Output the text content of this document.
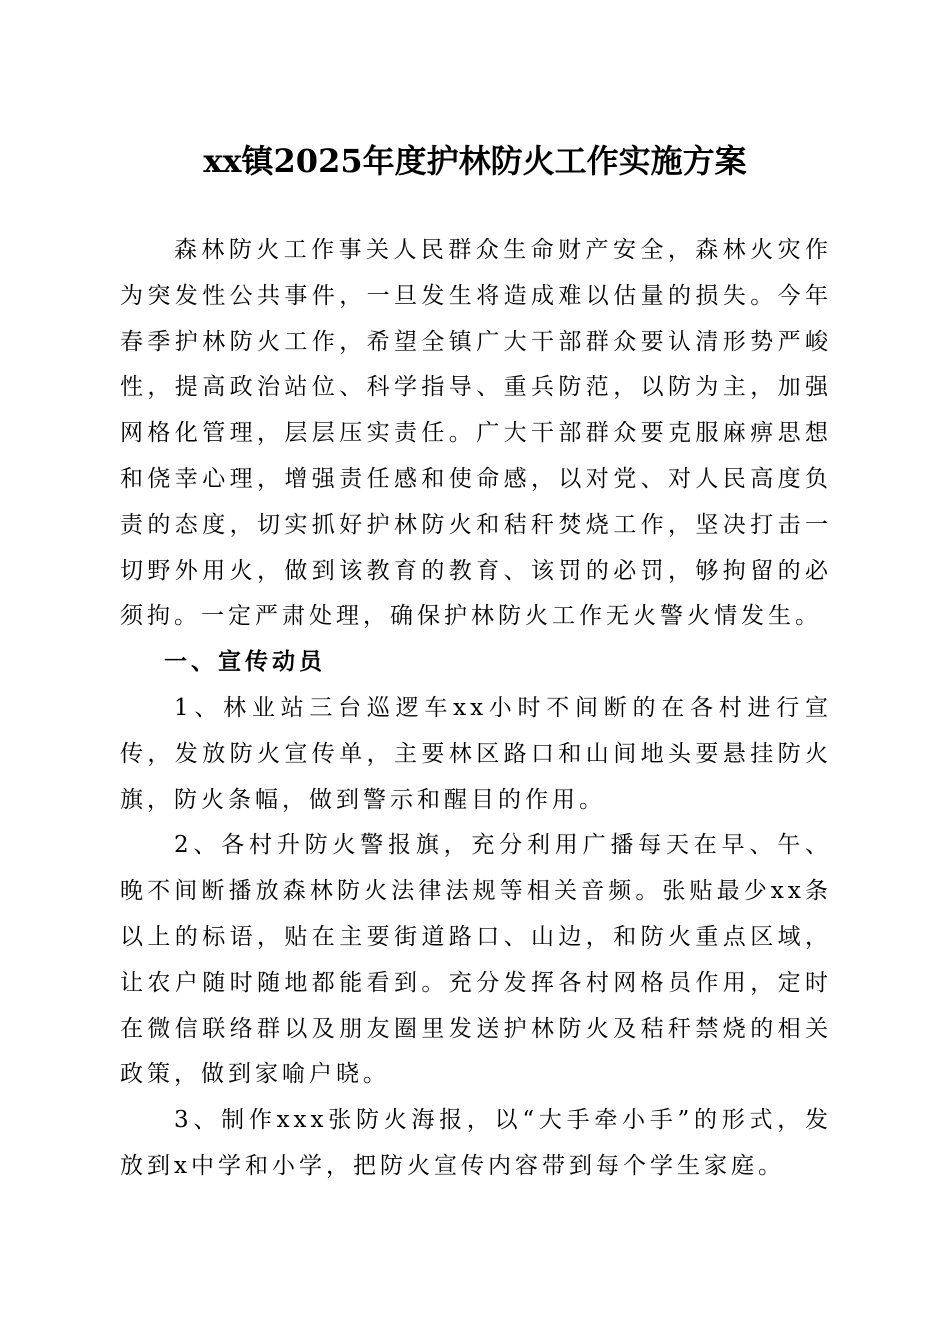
xx镇2025年度护林防火工作实施方案

森林防火工作事关人民群众生命财产安全，森林火灾作为突发性公共事件，一旦发生将造成难以估量的损失。今年春季护林防火工作，希望全镇广大干部群众要认清形势严峻性，提高政治站位、科学指导、重兵防范，以防为主，加强网格化管理，层层压实责任。广大干部群众要克服麻痹思想和侥幸心理，增强责任感和使命感，以对党、对人民高度负责的态度，切实抓好护林防火和秸秆焚烧工作，坚决打击一切野外用火，做到该教育的教育、该罚的必罚，够拘留的必须拘。一定严肃处理，确保护林防火工作无火警火情发生。

一、宣传动员

1、林业站三台巡逻车xx小时不间断的在各村进行宣传，发放防火宣传单，主要林区路口和山间地头要悬挂防火旗，防火条幅，做到警示和醒目的作用。

2、各村升防火警报旗，充分利用广播每天在早、午、晚不间断播放森林防火法律法规等相关音频。张贴最少xx条以上的标语，贴在主要街道路口、山边，和防火重点区域，让农户随时随地都能看到。充分发挥各村网格员作用，定时在微信联络群以及朋友圈里发送护林防火及秸秆禁烧的相关政策，做到家喻户晓。

3、制作xxx张防火海报，以“大手牵小手”的形式，发放到x中学和小学，把防火宣传内容带到每个学生家庭。
